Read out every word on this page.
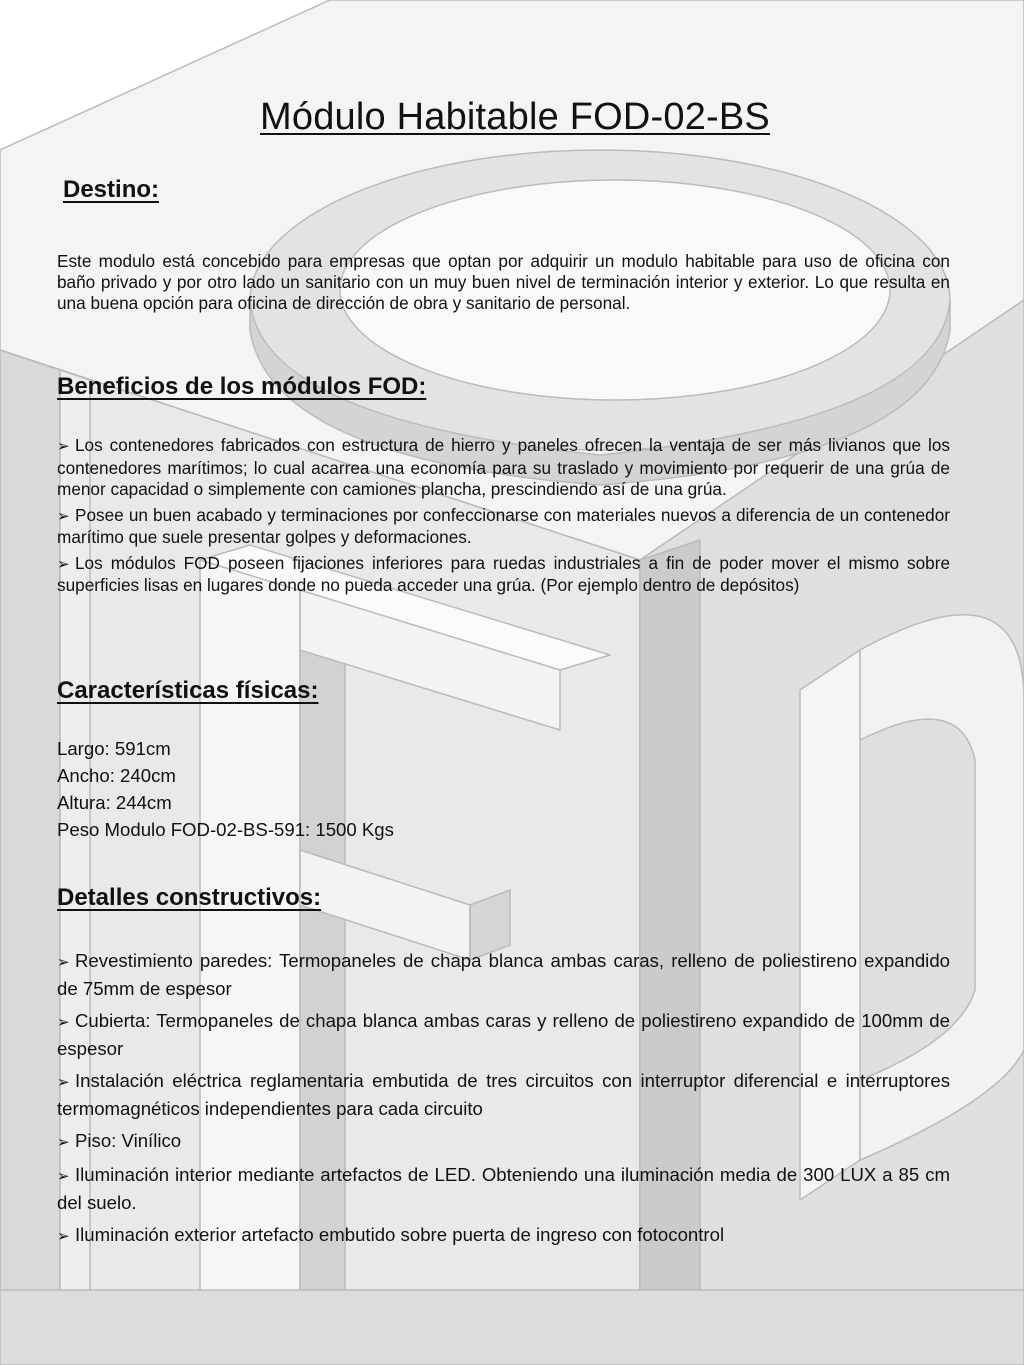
Módulo Habitable FOD-02-BS
Destino:

Este modulo está concebido para empresas que optan por adquirir un modulo habitable para uso de oficina con baño privado y por otro lado un sanitario con un muy buen nivel de terminación interior y exterior. Lo que resulta en una buena opción para oficina de dirección de obra y sanitario de personal.

Beneficios de los módulos FOD:
➢ Los contenedores fabricados con estructura de hierro y paneles ofrecen la ventaja de ser más livianos que los contenedores marítimos; lo cual acarrea una economía para su traslado y movimiento por requerir de una grúa de menor capacidad o simplemente con camiones plancha, prescindiendo así de una grúa.
➢ Posee un buen acabado y terminaciones por confeccionarse con materiales nuevos a diferencia de un contenedor marítimo que suele presentar golpes y deformaciones.
➢ Los módulos FOD poseen fijaciones inferiores para ruedas industriales a fin de poder mover el mismo sobre superficies lisas en lugares donde no pueda acceder una grúa. (Por ejemplo dentro de depósitos)
Características físicas:
Largo: 591cm
Ancho: 240cm
Altura: 244cm
Peso Modulo FOD-02-BS-591: 1500 Kgs
Detalles constructivos:
➢ Revestimiento paredes: Termopaneles de chapa blanca ambas caras, relleno de poliestireno expandido de 75mm de espesor
➢ Cubierta: Termopaneles de chapa blanca ambas caras y relleno de poliestireno expandido de 100mm de espesor
➢ Instalación eléctrica reglamentaria embutida de tres circuitos con interruptor diferencial e interruptores termomagnéticos independientes para cada circuito
➢ Piso: Vinílico
➢ Iluminación interior mediante artefactos de LED. Obteniendo una iluminación media de 300 LUX a 85 cm del suelo.
➢ Iluminación exterior artefacto embutido sobre puerta de ingreso con fotocontrol
